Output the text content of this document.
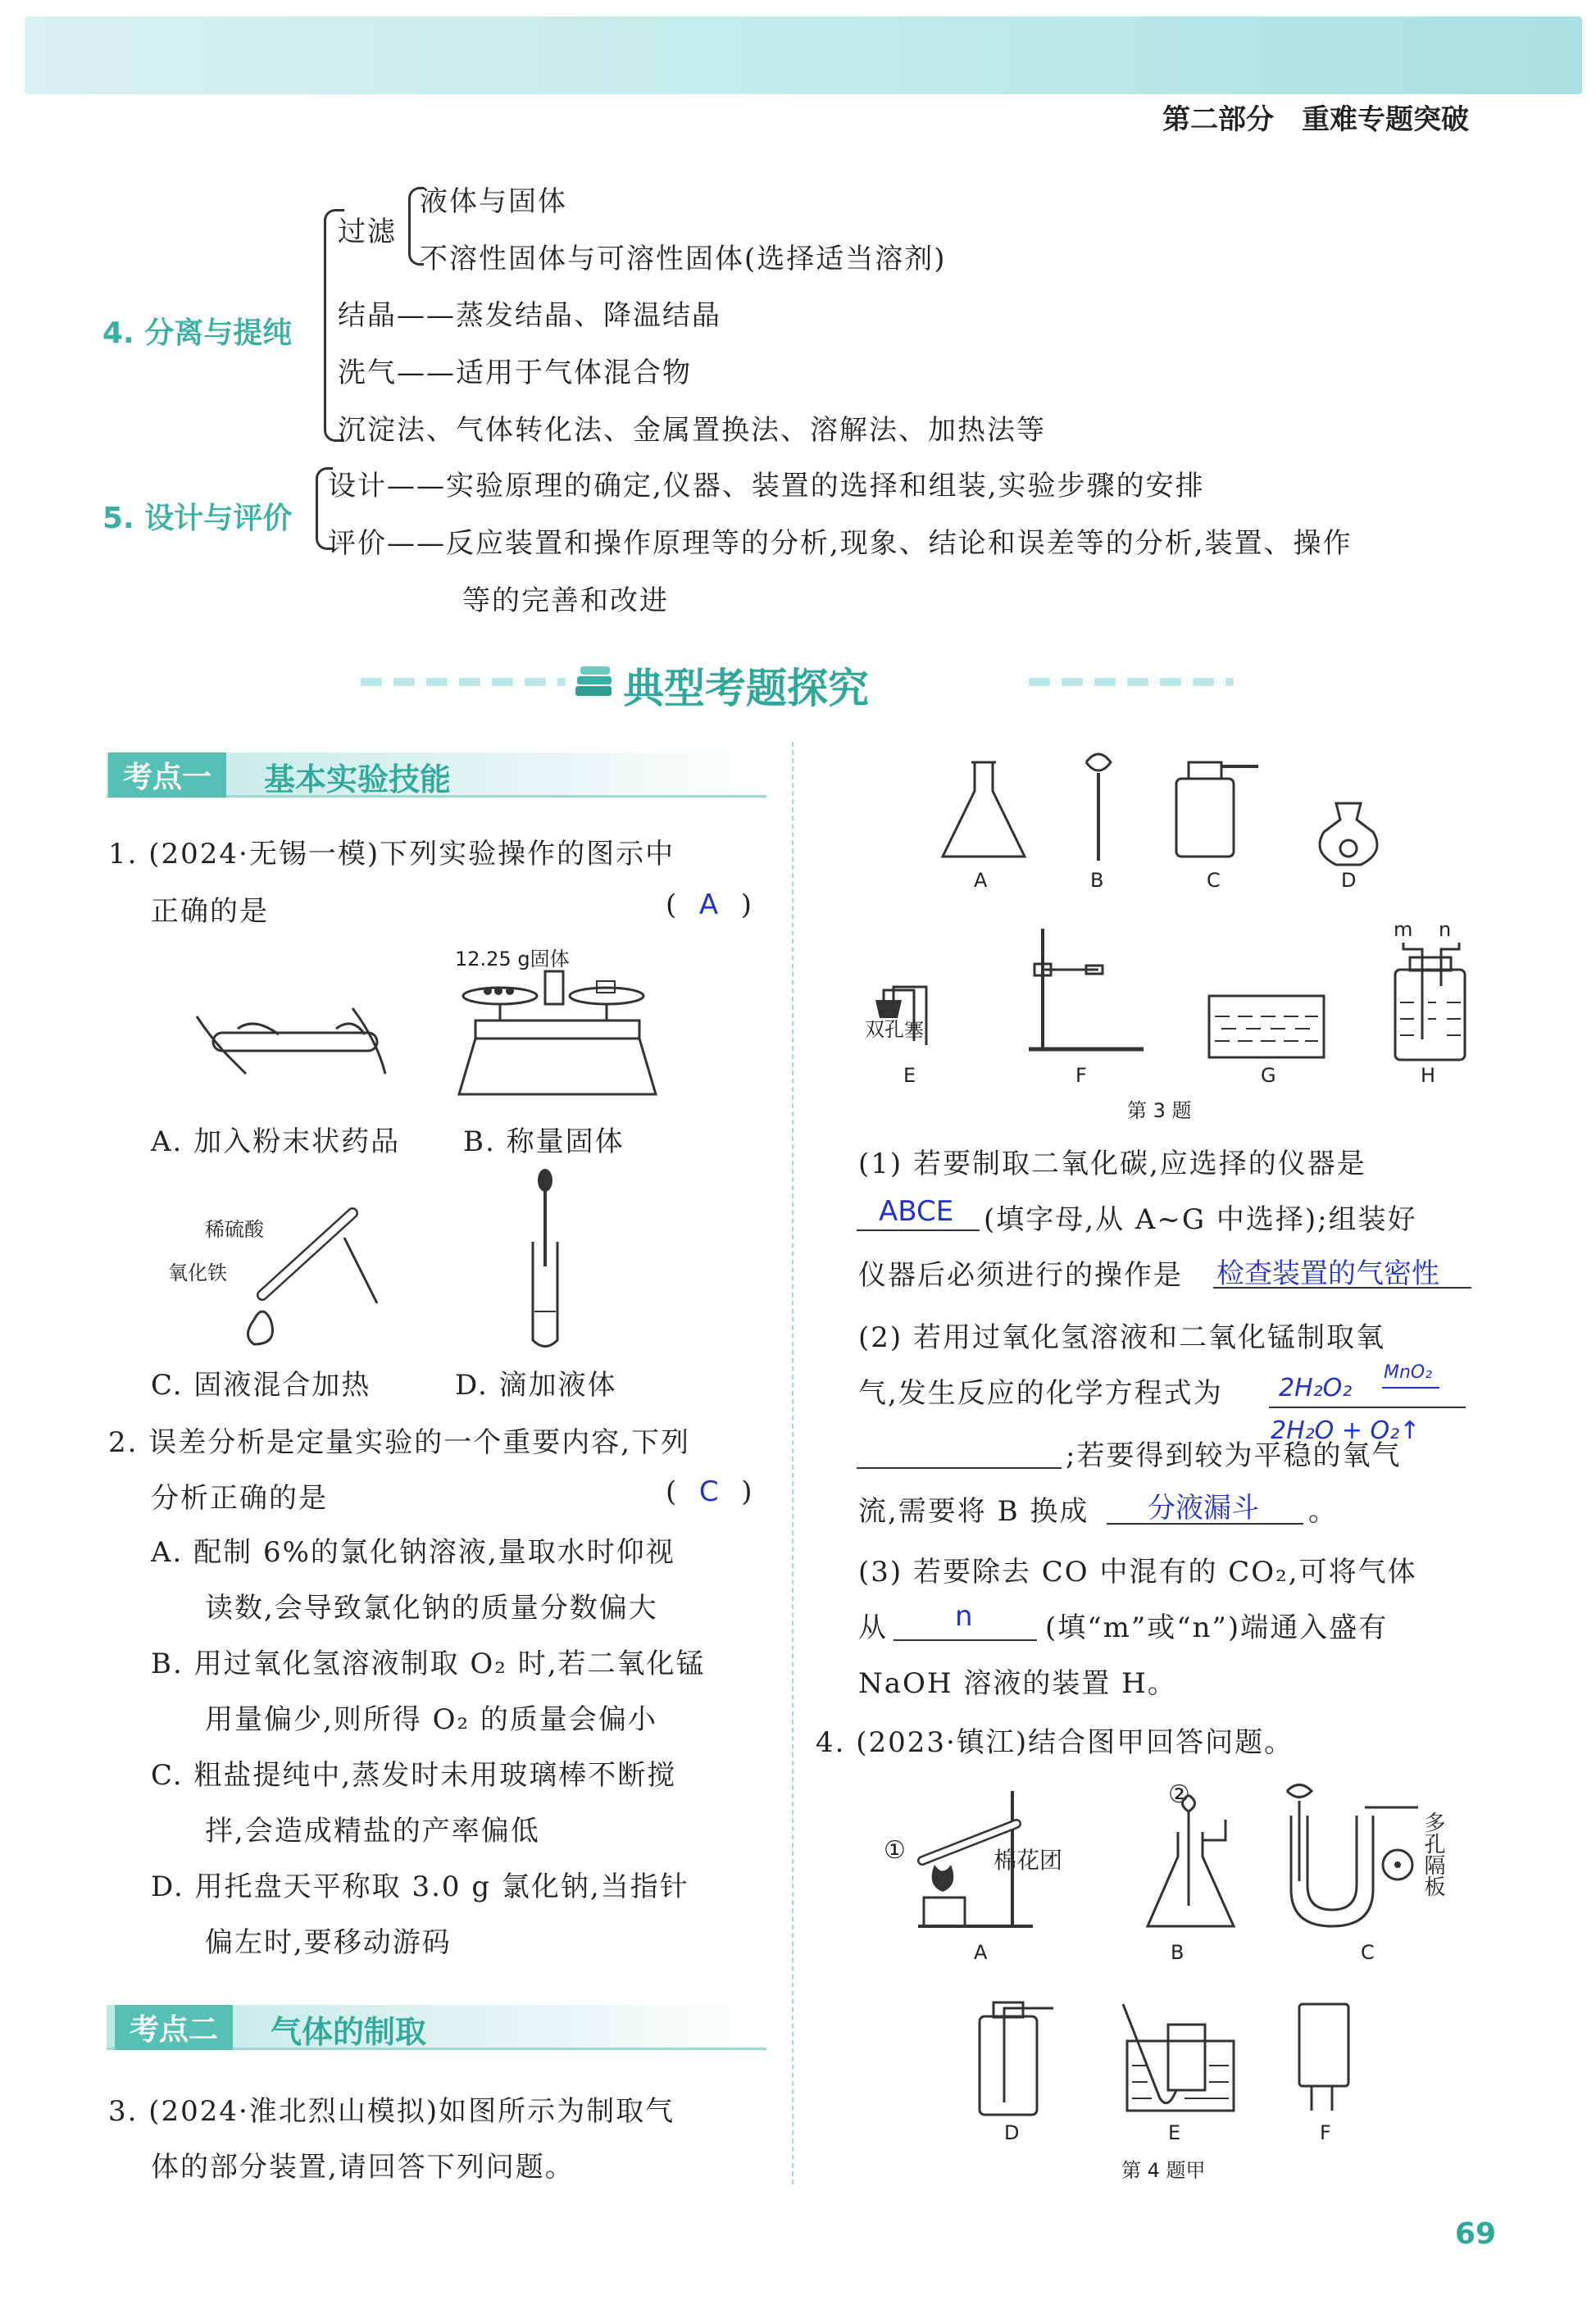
第二部分　重难专题突破
4. 分离与提纯
过滤
液体与固体
不溶性固体与可溶性固体(选择适当溶剂)
结晶——蒸发结晶、降温结晶
洗气——适用于气体混合物
沉淀法、气体转化法、金属置换法、溶解法、加热法等
5. 设计与评价
设计——实验原理的确定,仪器、装置的选择和组装,实验步骤的安排
评价——反应装置和操作原理等的分析,现象、结论和误差等的分析,装置、操作
等的完善和改进
典型考题探究
考点一	基本实验技能
1. (2024·无锡一模)下列实验操作的图示中
正确的是	(  A  )
12.25 g固体
A. 加入粉末状药品 B. 称量固体
稀硫酸
氧化铁
C. 固液混合加热	D. 滴加液体
2. 误差分析是定量实验的一个重要内容,下列
分析正确的是	(  C  )
A. 配制 6%的氯化钠溶液,量取水时仰视
读数,会导致氯化钠的质量分数偏大
B. 用过氧化氢溶液制取 O₂ 时,若二氧化锰
用量偏少,则所得 O₂ 的质量会偏小
C. 粗盐提纯中,蒸发时未用玻璃棒不断搅
拌,会造成精盐的产率偏低
D. 用托盘天平称取 3.0 g 氯化钠,当指针
偏左时,要移动游码
考点二	气体的制取
3. (2024·淮北烈山模拟)如图所示为制取气
体的部分装置,请回答下列问题。
A	B	C	D
双孔塞
m n
E	F	G	H
第 3 题
(1) 若要制取二氧化碳,应选择的仪器是
ABCE (填字母,从 A~G 中选择);组装好
仪器后必须进行的操作是 检查装置的气密性
(2) 若用过氧化氢溶液和二氧化锰制取氧
气,发生反应的化学方程式为 2H₂O₂
MnO₂
2H₂O + O₂↑
;若要得到较为平稳的氧气
流,需要将 B 换成 分液漏斗 。
(3) 若要除去 CO 中混有的 CO₂,可将气体
从 n	(填“m”或“n”)端通入盛有
NaOH 溶液的装置 H。
4. (2023·镇江)结合图甲回答问题。
①	棉花团
②
多孔隔板
A	B	C
D	E	F
第 4 题甲
69
